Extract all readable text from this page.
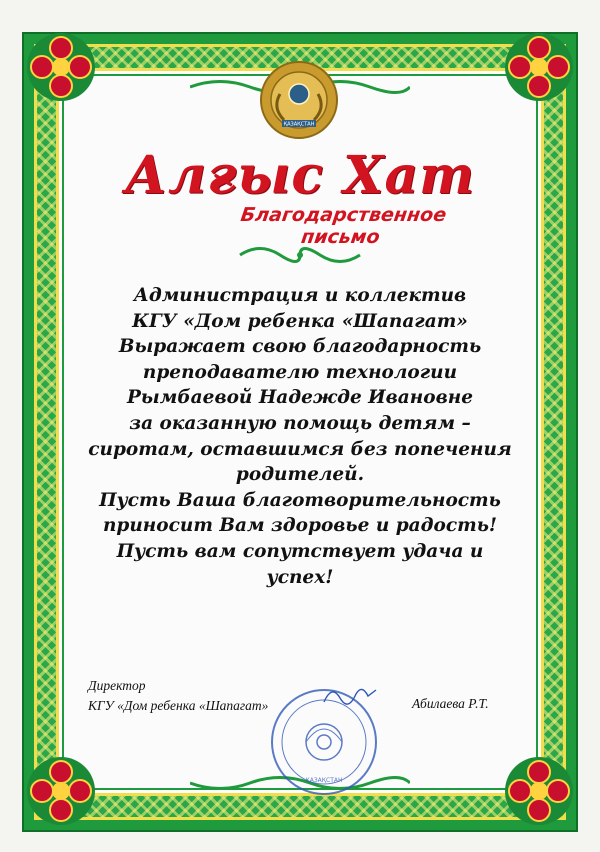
ҚАЗАҚСТАН
Алғыс Хат
Благодарственное письмо
Администрация и коллектив
КГУ «Дом ребенка «Шапагат»
Выражает свою благодарность
преподавателю технологии
Рымбаевой Надежде Ивановне
за оказанную помощь детям –
сиротам, оставшимся без попечения
родителей.
Пусть Ваша благотворительность
приносит Вам здоровье и радость!
Пусть вам сопутствует удача и
успех!
ҚАЗАҚСТАН
Директор
КГУ «Дом ребенка «Шапагат»	Абилаева Р.Т.
